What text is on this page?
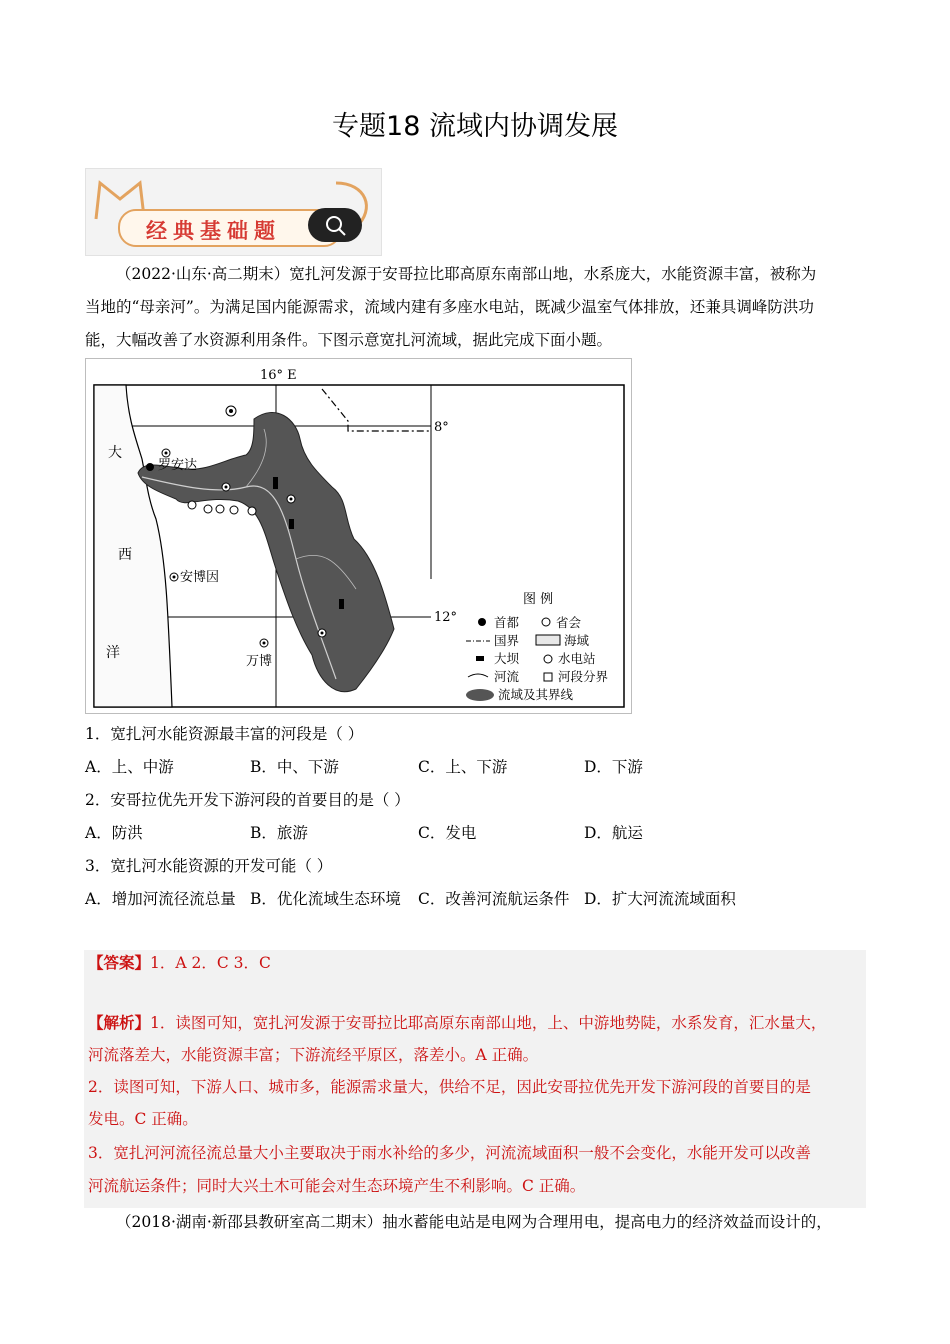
专题18 流域内协调发展
经典基础题

（2022·山东·高二期末）宽扎河发源于安哥拉比耶高原东南部山地，水系庞大，水能资源丰富，被称为

当地的“母亲河”。为满足国内能源需求，流域内建有多座水电站，既减少温室气体排放，还兼具调峰防洪功

能，大幅改善了水资源利用条件。下图示意宽扎河流域，据此完成下面小题。

16° E
8°
12°
大
西
洋
罗安达
安博因
万博
图 例
首都	省会
国界	海域
大坝	水电站
河流	河段分界
流域及其界线
1．宽扎河水能资源最丰富的河段是（ ）
A．上、中游	B．中、下游	C．上、下游	D．下游
2．安哥拉优先开发下游河段的首要目的是（ ）
A．防洪	B．旅游	C．发电	D．航运
3．宽扎河水能资源的开发可能（ ）
A．增加河流径流总量 B．优化流域生态环境 C．改善河流航运条件 D．扩大河流流域面积
【答案】1．A 2．C 3．C
【解析】1．读图可知，宽扎河发源于安哥拉比耶高原东南部山地，上、中游地势陡，水系发育，汇水量大，
河流落差大，水能资源丰富；下游流经平原区，落差小。A 正确。
2．读图可知，下游人口、城市多，能源需求量大，供给不足，因此安哥拉优先开发下游河段的首要目的是
发电。C 正确。
3．宽扎河河流径流总量大小主要取决于雨水补给的多少，河流流域面积一般不会变化，水能开发可以改善
河流航运条件；同时大兴土木可能会对生态环境产生不利影响。C 正确。
（2018·湖南·新邵县教研室高二期末）抽水蓄能电站是电网为合理用电，提高电力的经济效益而设计的，
